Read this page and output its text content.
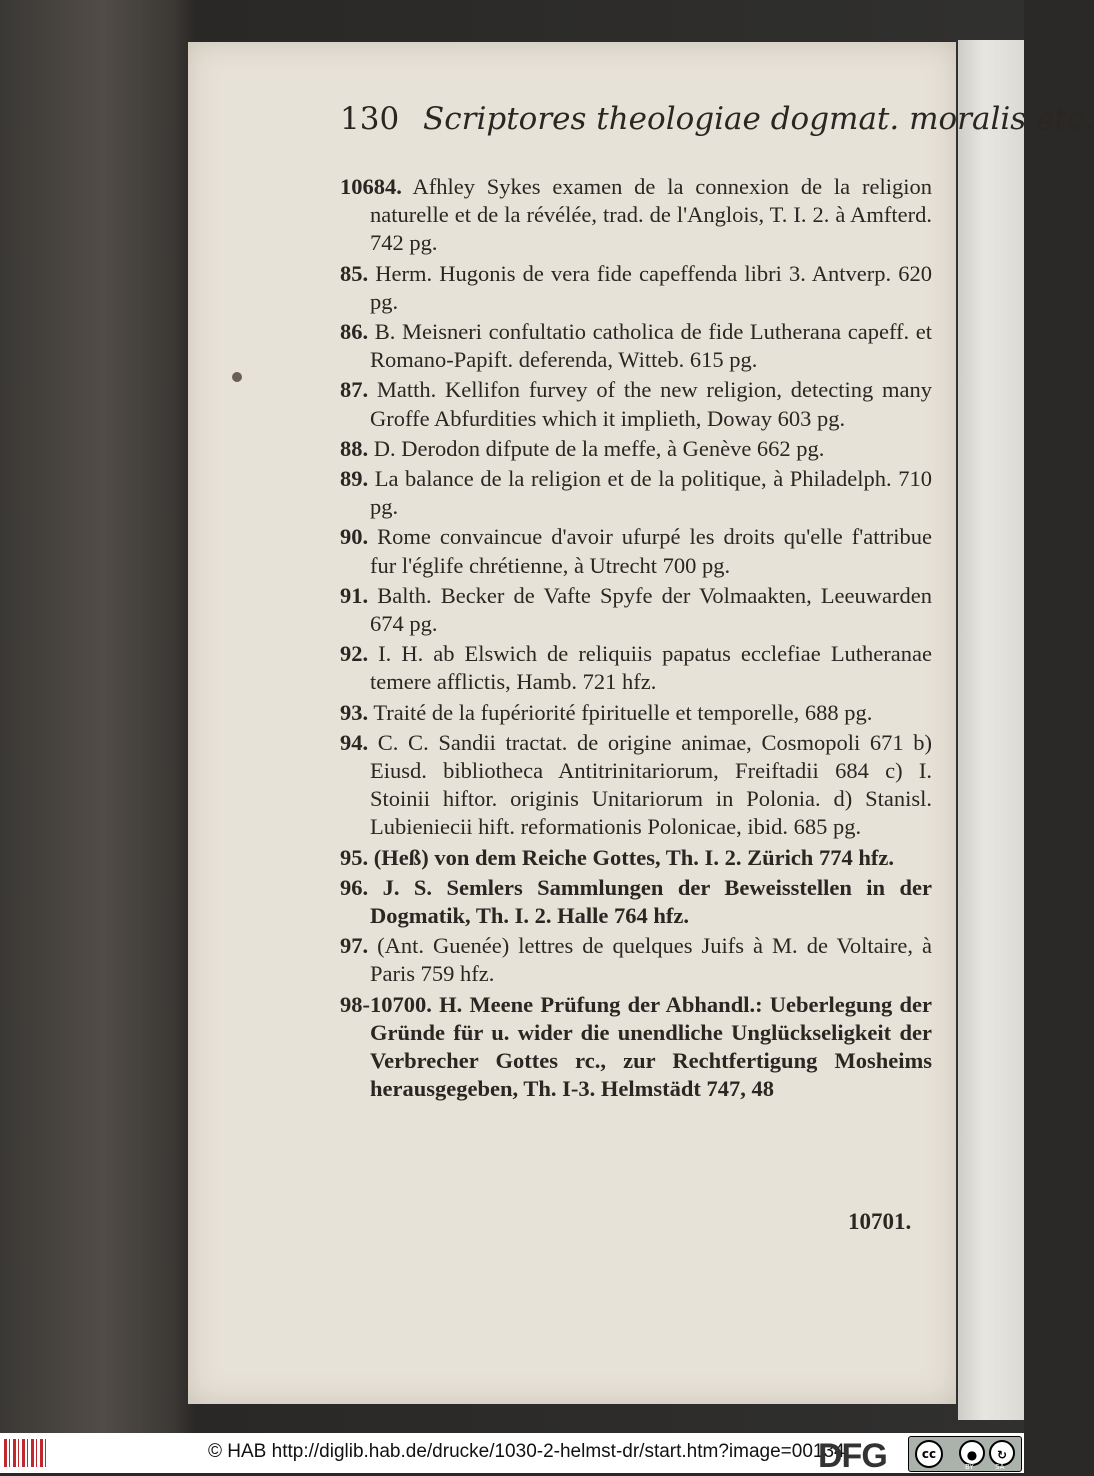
130 Scriptores theologiae dogmat. moralis etc.

10684. Afhley Sykes examen de la connexion de la religion naturelle et de la révélée, trad. de l'Anglois, T. I. 2. à Amfterd. 742 pg.

85. Herm. Hugonis de vera fide capeffenda libri 3. Antverp. 620 pg.

86. B. Meisneri confultatio catholica de fide Lutherana capeff. et Romano-Papift. deferenda, Witteb. 615 pg.

87. Matth. Kellifon furvey of the new religion, detecting many Groffe Abfurdities which it implieth, Doway 603 pg.

88. D. Derodon difpute de la meffe, à Genève 662 pg.

89. La balance de la religion et de la politique, à Philadelph. 710 pg.

90. Rome convaincue d'avoir ufurpé les droits qu'elle f'attribue fur l'églife chrétienne, à Utrecht 700 pg.

91. Balth. Becker de Vafte Spyfe der Volmaakten, Leeuwarden 674 pg.

92. I. H. ab Elswich de reliquiis papatus ecclefiae Lutheranae temere afflictis, Hamb. 721 hfz.

93. Traité de la fupériorité fpirituelle et temporelle, 688 pg.

94. C. C. Sandii tractat. de origine animae, Cosmopoli 671 b) Eiusd. bibliotheca Antitrinitariorum, Freiftadii 684 c) I. Stoinii hiftor. originis Unitariorum in Polonia. d) Stanisl. Lubieniecii hift. reformationis Polonicae, ibid. 685 pg.

95. (Heß) von dem Reiche Gottes, Th. I. 2. Zürich 774 hfz.

96. J. S. Semlers Sammlungen der Beweisstellen in der Dogmatik, Th. I. 2. Halle 764 hfz.

97. (Ant. Guenée) lettres de quelques Juifs à M. de Voltaire, à Paris 759 hfz.

98-10700. H. Meene Prüfung der Abhandl.: Ueberlegung der Gründe für u. wider die unendliche Unglückseligkeit der Verbrecher Gottes rc., zur Rechtfertigung Mosheims herausgegeben, Th. I-3. Helmstädt 747, 48

10701.
© HAB http://diglib.hab.de/drucke/1030-2-helmst-dr/start.htm?image=00134
DFG	cc	●	↻
BY	SA
